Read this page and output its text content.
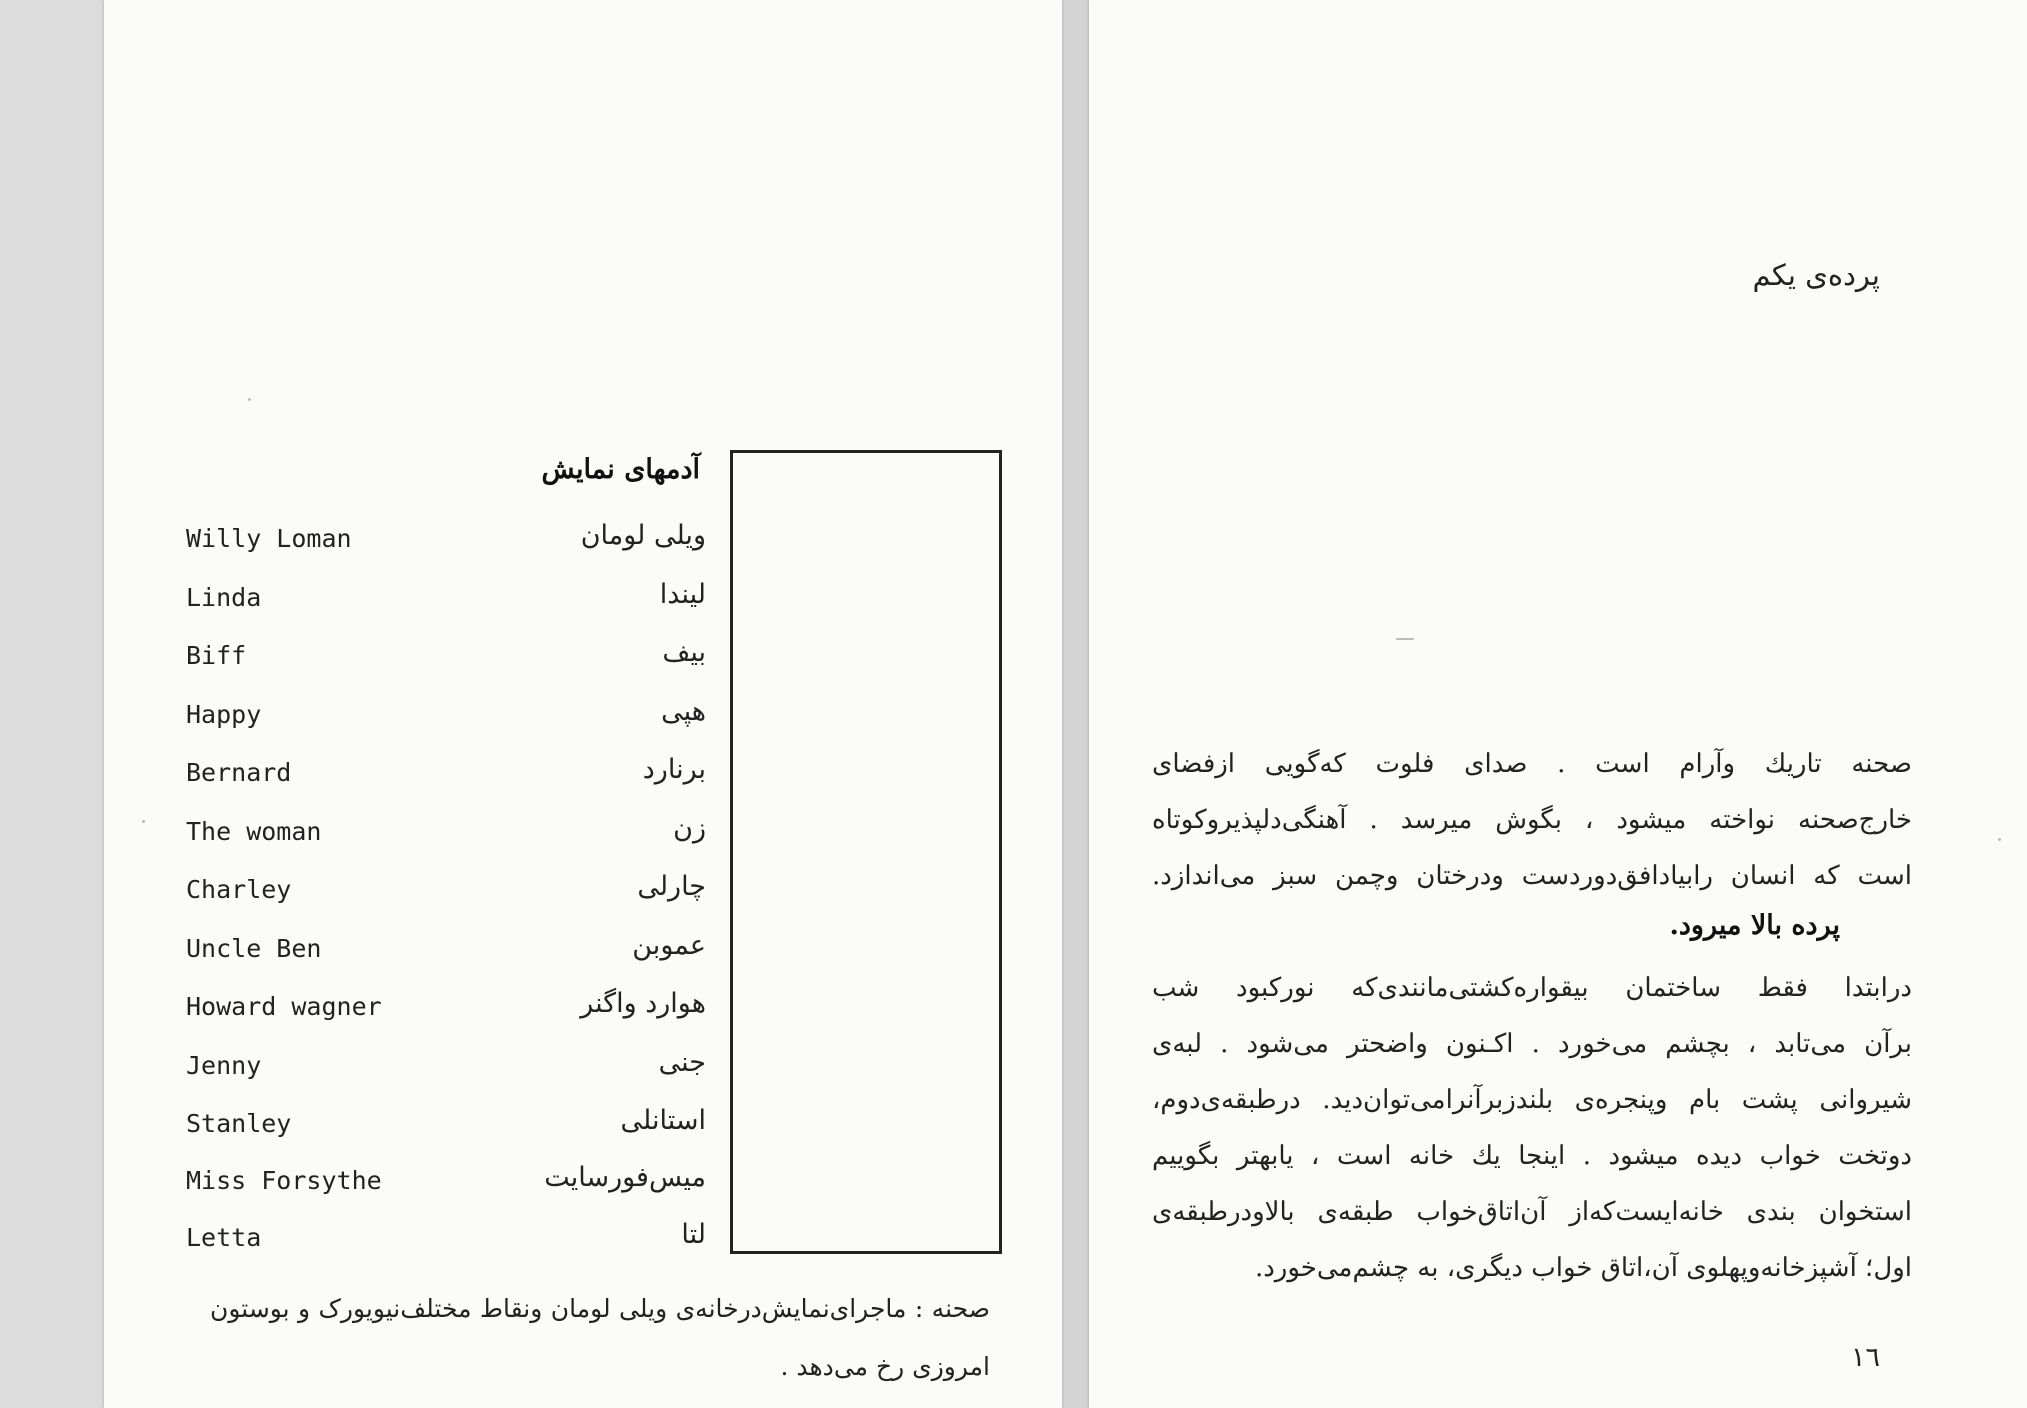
آدمهای نمایش
Willy Loman	ویلی لومان
Linda	لیندا
Biff	بیف
Happy	هپی
Bernard	برنارد
The woman	زن
Charley	چارلی
Uncle Ben	عموبن
Howard wagner	هوارد واگنر
Jenny	جنی
Stanley	استانلی
Miss Forsythe	میس‌فورسایت
Letta	لتا
صحنه : ماجرای‌نمایش‌درخانه‌ی ویلی لومان ونقاط مختلف‌نیویورک و بوستون امروزی رخ می‌دهد .
پرده‌ی یکم
صحنه تاریك وآرام است . صدای فلوت که‌گویی ازفضای
خارج‌صحنه نواخته میشود ، بگوش میرسد . آهنگی‌دلپذیروکوتاه
است که انسان رابیادافق‌دوردست ودرختان وچمن سبز می‌اندازد.
پرده بالا میرود.
درابتدا فقط ساختمان بیقواره‌کشتی‌مانندی‌که نورکبود شب
برآن می‌تابد ، بچشم می‌خورد . اکـنون واضحتر می‌شود . لبه‌ی
شیروانی پشت بام وپنجره‌ی بلندزبرآنرامی‌توان‌دید. درطبقه‌ی‌دوم،
دوتخت خواب دیده میشود . اینجا یك خانه است ، یابهتر بگوییم
استخوان بندی خانه‌ایست‌که‌از آن‌اتاق‌خواب طبقه‌ی بالاودرطبقه‌ی
اول؛ آشپزخانه‌وپهلوی آن،اتاق خواب دیگری، به چشم‌می‌خورد.
١٦
